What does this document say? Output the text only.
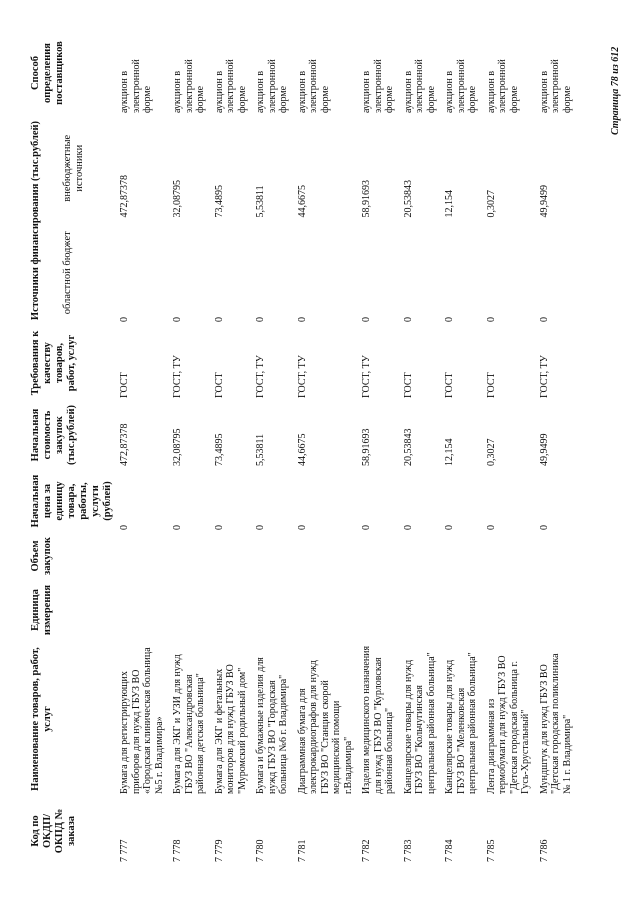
Код по ОКДП/ ОКПД № заказа	Наименование товаров, работ, услуг	Единица измерения	Объем закупок	Начальная цена за единицу товара, работы, услуги (рублей)	Начальная стоимость закупок (тыс.рублей)	Требования к качеству товаров, работ, услуг	Источники финансирования (тыс.рублей)		Способ определения поставщиков
							областной бюджет	внебюджетные источники	
7 777	Бумага для регистрирующих приборов для нужд ГБУЗ ВО «Городская клиническая больница №5 г. Владимира»			0	472,87378	ГОСТ	0	472,87378	аукцион в электронной форме
7 778	Бумага для ЭКГ и УЗИ для нужд ГБУЗ ВО "Александровская районная детская больница"			0	32,08795	ГОСТ, ТУ	0	32,08795	аукцион в электронной форме
7 779	Бумага для ЭКГ и фетальных мониторов для нужд ГБУЗ ВО "Муромский родильный дом"			0	73,4895	ГОСТ	0	73,4895	аукцион в электронной форме
7 780	Бумага и бумажные изделия для нужд ГБУЗ ВО "Городская больница №6 г. Владимира"			0	5,53811	ГОСТ, ТУ	0	5,53811	аукцион в электронной форме
7 781	Диаграммная бумага для электрокардиографов для нужд ГБУЗ ВО "Станция скорой медицинской помощи г.Владимира"			0	44,6675	ГОСТ, ТУ	0	44,6675	аукцион в электронной форме
7 782	Изделия медицинского назначения для нужд ГБУЗ ВО "Курловская районная больница"			0	58,91693	ГОСТ, ТУ	0	58,91693	аукцион в электронной форме
7 783	Канцелярские товары для нужд ГБУЗ ВО "Кольчугинская центральная районная больница"			0	20,53843	ГОСТ	0	20,53843	аукцион в электронной форме
7 784	Канцелярские товары для нужд ГБУЗ ВО "Меленковская центральная районная больница"			0	12,154	ГОСТ	0	12,154	аукцион в электронной форме
7 785	Лента диаграммная из термобумаги для нужд ГБУЗ ВО "Детская городская больница г. Гусь-Хрустальный"			0	0,3027	ГОСТ	0	0,3027	аукцион в электронной форме
7 786	Мундштук для нужд ГБУЗ ВО "Детская городская поликлиника № 1 г. Владимира"			0	49,9499	ГОСТ, ТУ	0	49,9499	аукцион в электронной форме	Страница 78 из 612
